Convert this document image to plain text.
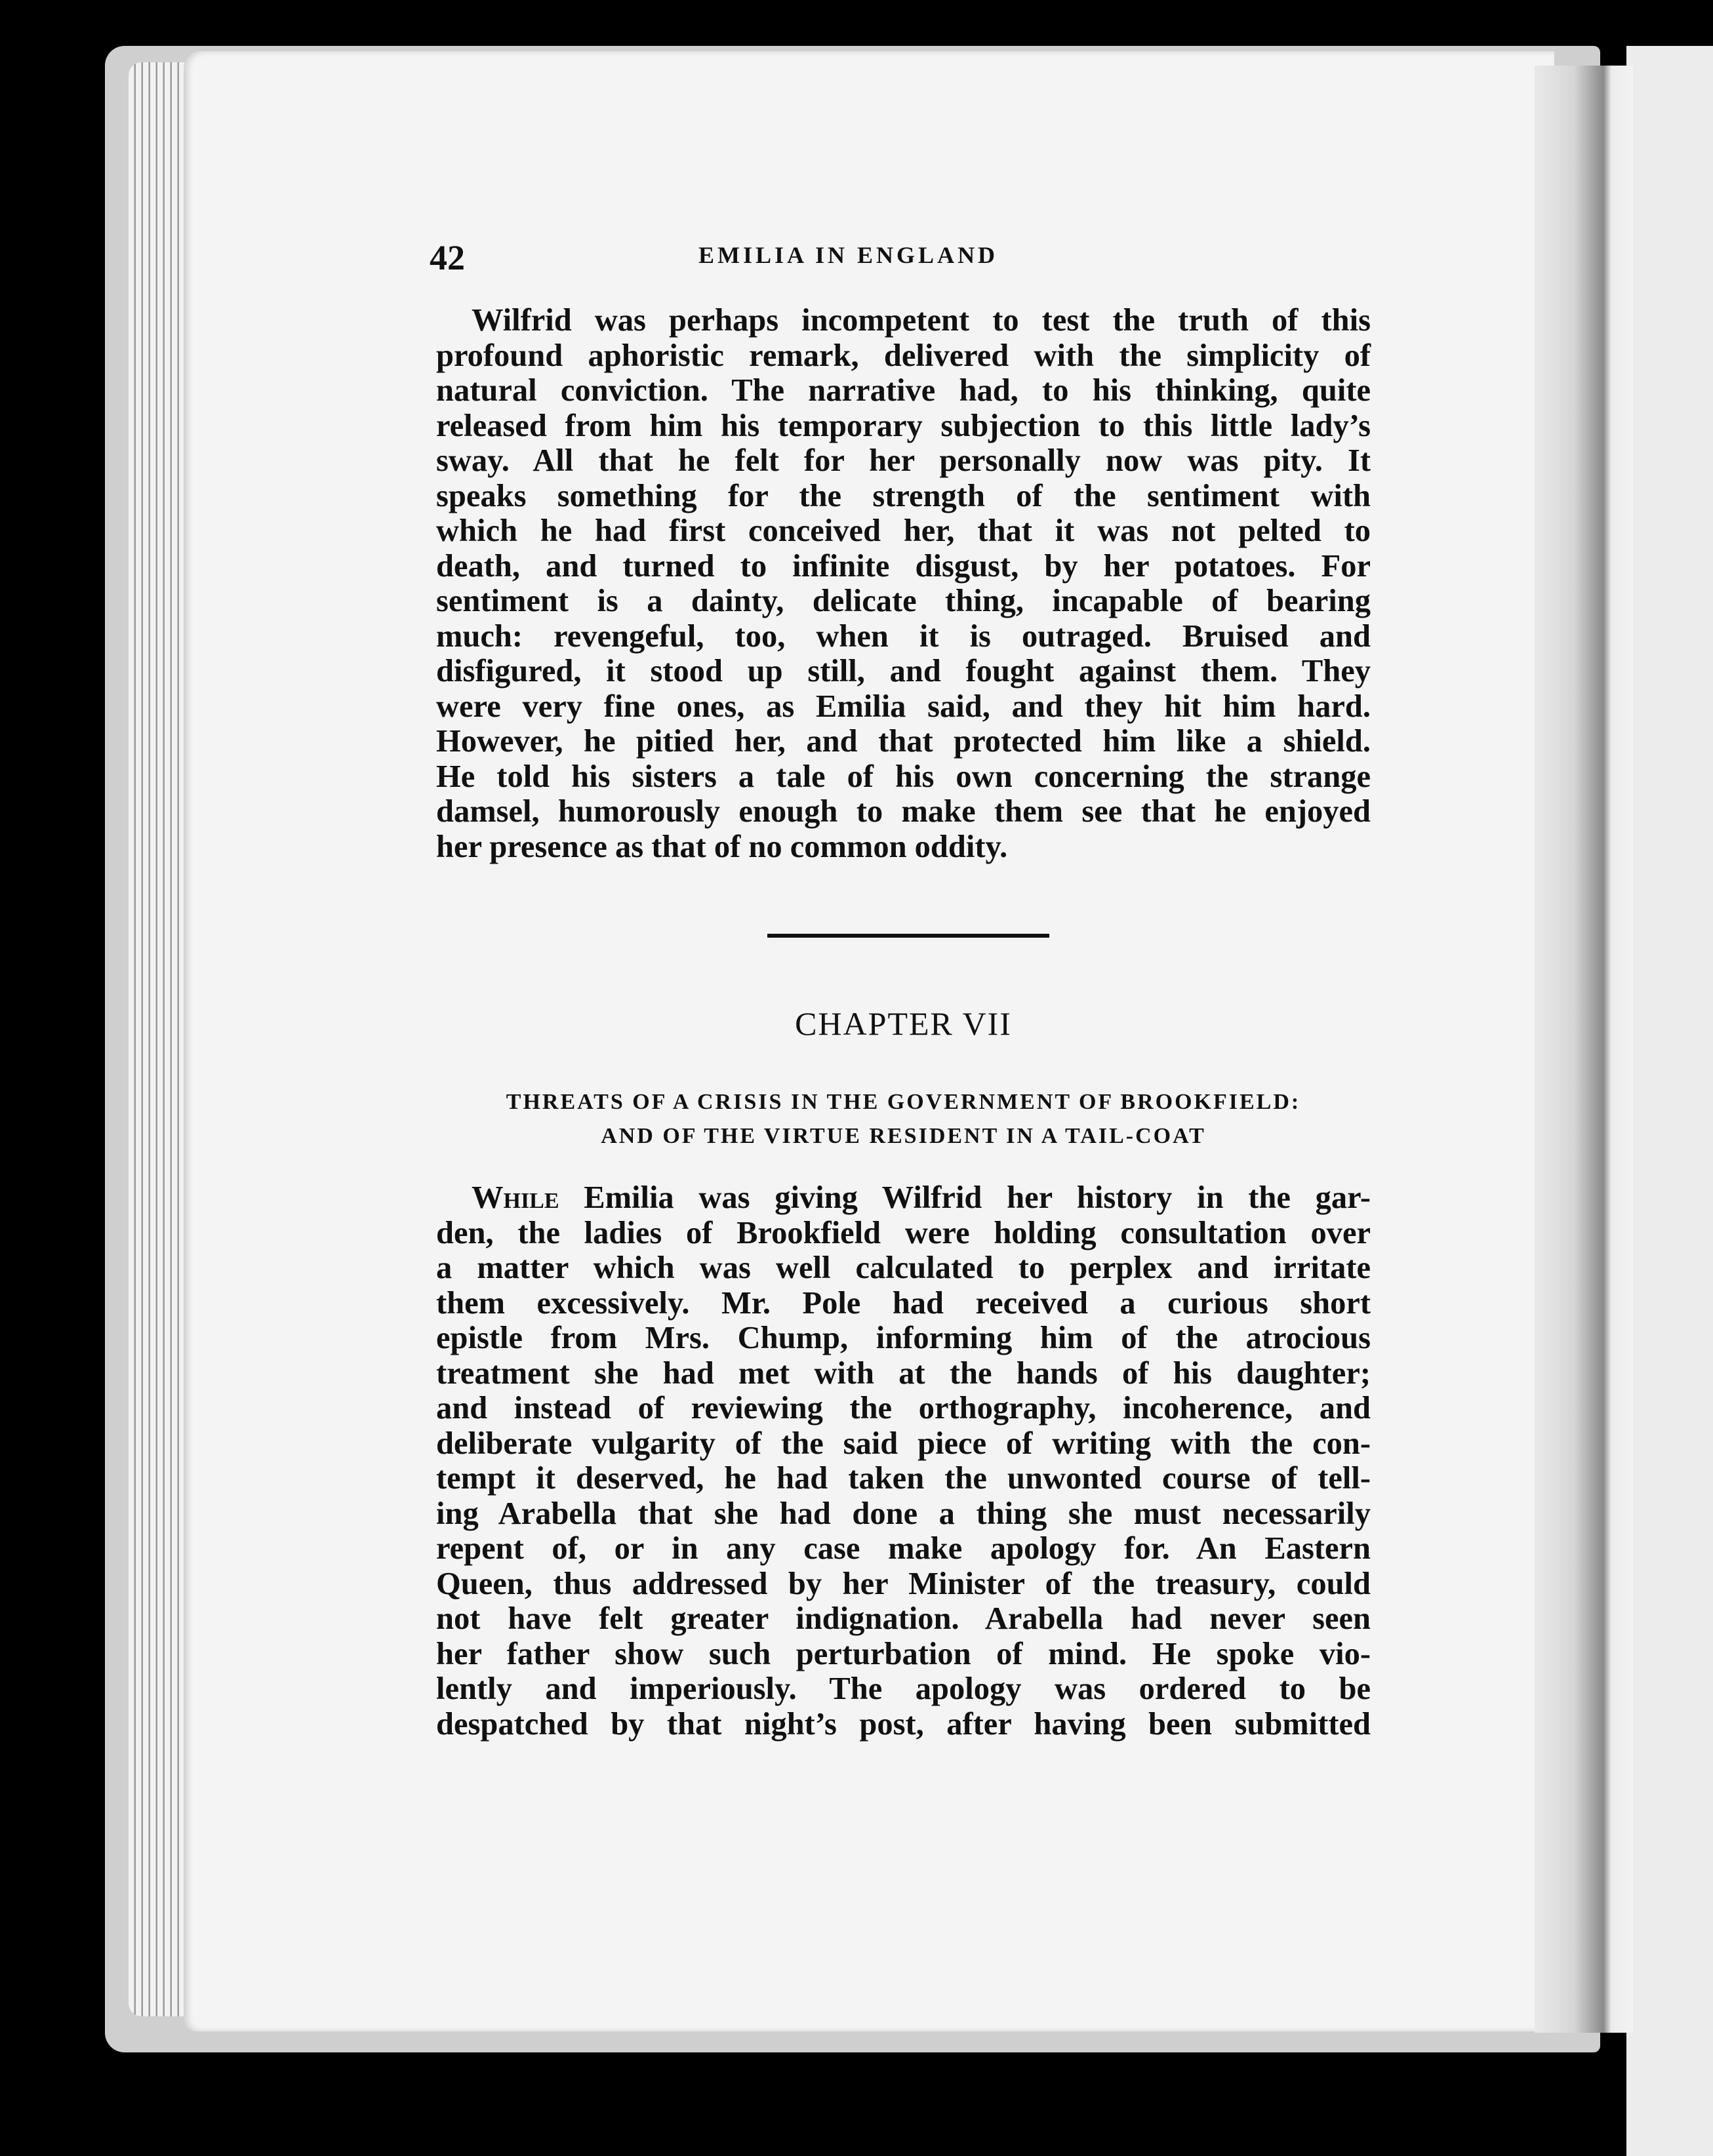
42	EMILIA IN ENGLAND
Wilfrid was perhaps incompetent to test the truth of this
profound aphoristic remark, delivered with the simplicity of
natural conviction. The narrative had, to his thinking, quite
released from him his temporary subjection to this little lady’s
sway. All that he felt for her personally now was pity. It
speaks something for the strength of the sentiment with
which he had first conceived her, that it was not pelted to
death, and turned to infinite disgust, by her potatoes. For
sentiment is a dainty, delicate thing, incapable of bearing
much: revengeful, too, when it is outraged. Bruised and
disfigured, it stood up still, and fought against them. They
were very fine ones, as Emilia said, and they hit him hard.
However, he pitied her, and that protected him like a shield.
He told his sisters a tale of his own concerning the strange
damsel, humorously enough to make them see that he enjoyed
her presence as that of no common oddity.
CHAPTER VII
THREATS OF A CRISIS IN THE GOVERNMENT OF BROOKFIELD:
AND OF THE VIRTUE RESIDENT IN A TAIL-COAT
While Emilia was giving Wilfrid her history in the gar-
den, the ladies of Brookfield were holding consultation over
a matter which was well calculated to perplex and irritate
them excessively. Mr. Pole had received a curious short
epistle from Mrs. Chump, informing him of the atrocious
treatment she had met with at the hands of his daughter;
and instead of reviewing the orthography, incoherence, and
deliberate vulgarity of the said piece of writing with the con-
tempt it deserved, he had taken the unwonted course of tell-
ing Arabella that she had done a thing she must necessarily
repent of, or in any case make apology for. An Eastern
Queen, thus addressed by her Minister of the treasury, could
not have felt greater indignation. Arabella had never seen
her father show such perturbation of mind. He spoke vio-
lently and imperiously. The apology was ordered to be
despatched by that night’s post, after having been submitted
